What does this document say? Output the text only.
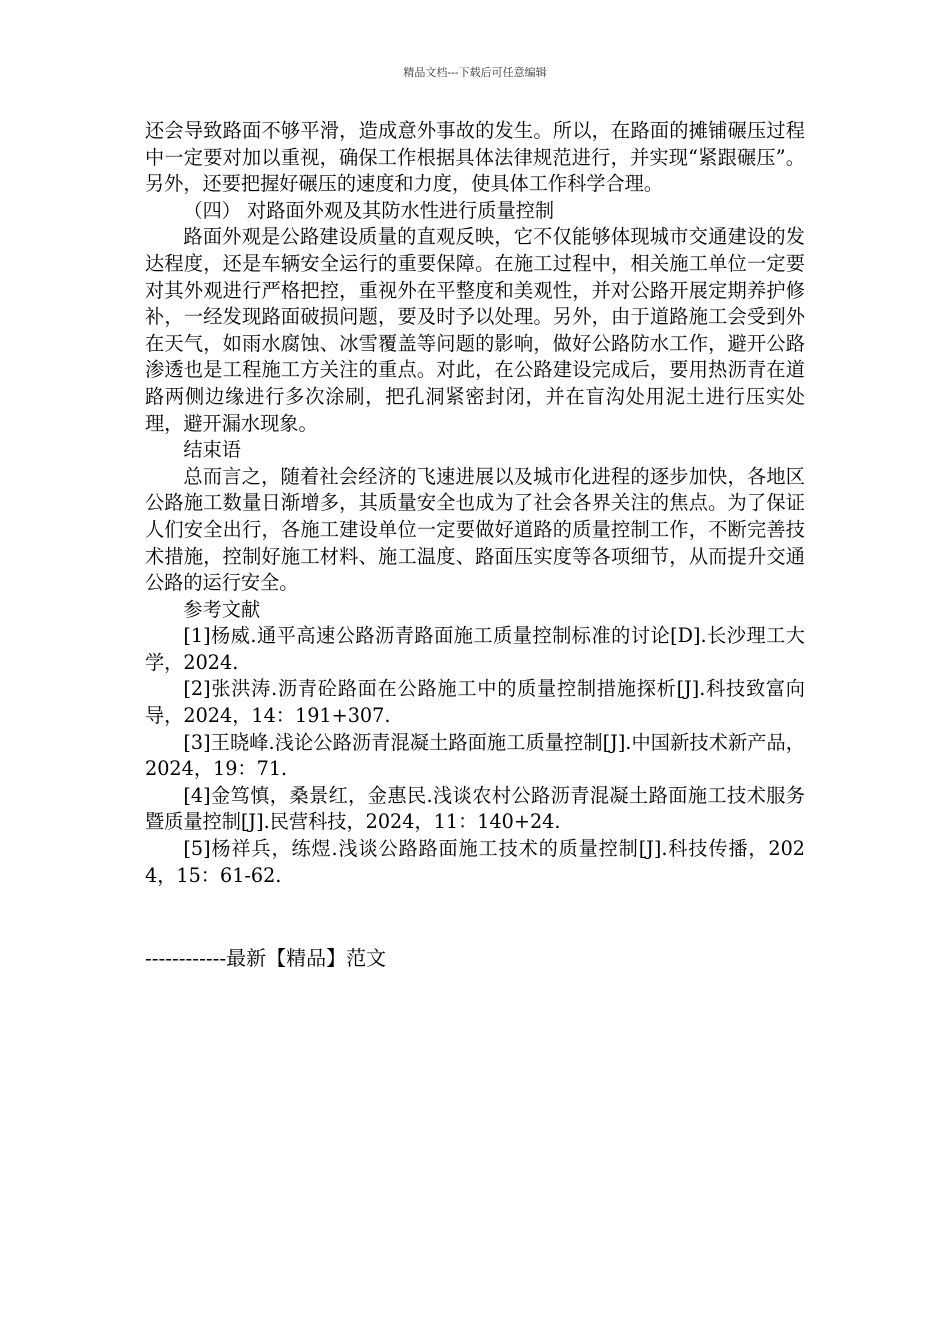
精品文档---下载后可任意编辑

还会导致路面不够平滑，造成意外事故的发生。所以，在路面的摊铺碾压过程中一定要对加以重视，确保工作根据具体法律规范进行，并实现“紧跟碾压”。另外，还要把握好碾压的速度和力度，使具体工作科学合理。

（四） 对路面外观及其防水性进行质量控制

路面外观是公路建设质量的直观反映，它不仅能够体现城市交通建设的发达程度，还是车辆安全运行的重要保障。在施工过程中，相关施工单位一定要对其外观进行严格把控，重视外在平整度和美观性，并对公路开展定期养护修补，一经发现路面破损问题，要及时予以处理。另外，由于道路施工会受到外在天气，如雨水腐蚀、冰雪覆盖等问题的影响，做好公路防水工作，避开公路渗透也是工程施工方关注的重点。对此，在公路建设完成后，要用热沥青在道路两侧边缘进行多次涂刷，把孔洞紧密封闭，并在盲沟处用泥土进行压实处理，避开漏水现象。

结束语

总而言之，随着社会经济的飞速进展以及城市化进程的逐步加快，各地区公路施工数量日渐增多，其质量安全也成为了社会各界关注的焦点。为了保证人们安全出行，各施工建设单位一定要做好道路的质量控制工作，不断完善技术措施，控制好施工材料、施工温度、路面压实度等各项细节，从而提升交通公路的运行安全。

参考文献

[1]杨威.通平高速公路沥青路面施工质量控制标准的讨论[D].长沙理工大学，2024.

[2]张洪涛.沥青砼路面在公路施工中的质量控制措施探析[J].科技致富向导，2024，14：191+307.

[3]王晓峰.浅论公路沥青混凝土路面施工质量控制[J].中国新技术新产品，2024，19：71.

[4]金笃慎，桑景红，金惠民.浅谈农村公路沥青混凝土路面施工技术服务暨质量控制[J].民营科技，2024，11：140+24.

[5]杨祥兵，练煜.浅谈公路路面施工技术的质量控制[J].科技传播，2024，15：61-62.

------------最新【精品】范文
